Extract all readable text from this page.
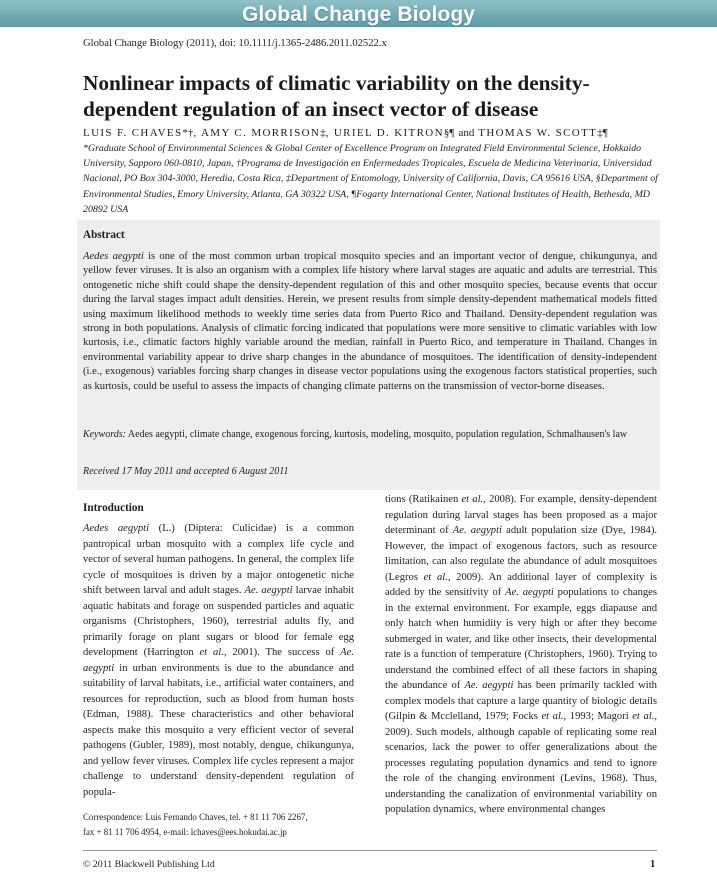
Global Change Biology
Global Change Biology (2011), doi: 10.1111/j.1365-2486.2011.02522.x
Nonlinear impacts of climatic variability on the density-dependent regulation of an insect vector of disease
LUIS F. CHAVES*†, AMY C. MORRISON‡, URIEL D. KITRON§¶ and THOMAS W. SCOTT‡¶

*Graduate School of Environmental Sciences & Global Center of Excellence Program on Integrated Field Environmental Science, Hokkaido University, Sapporo 060-0810, Japan, †Programa de Investigación en Enfermedades Tropicales, Escuela de Medicina Veterinaria, Universidad Nacional, PO Box 304-3000, Heredia, Costa Rica, ‡Department of Entomology, University of California, Davis, CA 95616 USA, §Department of Environmental Studies, Emory University, Atlanta, GA 30322 USA, ¶Fogarty International Center, National Institutes of Health, Bethesda, MD 20892 USA

Abstract

Aedes aegypti is one of the most common urban tropical mosquito species and an important vector of dengue, chikungunya, and yellow fever viruses. It is also an organism with a complex life history where larval stages are aquatic and adults are terrestrial. This ontogenetic niche shift could shape the density-dependent regulation of this and other mosquito species, because events that occur during the larval stages impact adult densities. Herein, we present results from simple density-dependent mathematical models fitted using maximum likelihood methods to weekly time series data from Puerto Rico and Thailand. Density-dependent regulation was strong in both populations. Analysis of climatic forcing indicated that populations were more sensitive to climatic variables with low kurtosis, i.e., climatic factors highly variable around the median, rainfall in Puerto Rico, and temperature in Thailand. Changes in environmental variability appear to drive sharp changes in the abundance of mosquitoes. The identification of density-independent (i.e., exogenous) variables forcing sharp changes in disease vector populations using the exogenous factors statistical properties, such as kurtosis, could be useful to assess the impacts of changing climate patterns on the transmission of vector-borne diseases.

Keywords: Aedes aegypti, climate change, exogenous forcing, kurtosis, modeling, mosquito, population regulation, Schmalhausen's law

Received 17 May 2011 and accepted 6 August 2011
Introduction

Aedes aegypti (L.) (Diptera: Culicidae) is a common pantropical urban mosquito with a complex life cycle and vector of several human pathogens. In general, the complex life cycle of mosquitoes is driven by a major ontogenetic niche shift between larval and adult stages. Ae. aegypti larvae inhabit aquatic habitats and forage on suspended particles and aquatic organisms (Christophers, 1960), terrestrial adults fly, and primarily forage on plant sugars or blood for female egg development (Harrington et al., 2001). The success of Ae. aegypti in urban environments is due to the abundance and suitability of larval habitats, i.e., artificial water containers, and resources for reproduction, such as blood from human hosts (Edman, 1988). These characteristics and other behavioral aspects make this mosquito a very efficient vector of several pathogens (Gubler, 1989), most notably, dengue, chikungunya, and yellow fever viruses. Complex life cycles represent a major challenge to understand density-dependent regulation of popula-

tions (Ratikainen et al., 2008). For example, density-dependent regulation during larval stages has been proposed as a major determinant of Ae. aegypti adult population size (Dye, 1984). However, the impact of exogenous factors, such as resource limitation, can also regulate the abundance of adult mosquitoes (Legros et al., 2009). An additional layer of complexity is added by the sensitivity of Ae. aegypti populations to changes in the external environment. For example, eggs diapause and only hatch when humidity is very high or after they become submerged in water, and like other insects, their developmental rate is a function of temperature (Christophers, 1960). Trying to understand the combined effect of all these factors in shaping the abundance of Ae. aegypti has been primarily tackled with complex models that capture a large quantity of biologic details (Gilpin & Mcclelland, 1979; Focks et al., 1993; Magori et al., 2009). Such models, although capable of replicating some real scenarios, lack the power to offer generalizations about the processes regulating population dynamics and tend to ignore the role of the changing environment (Levins, 1968). Thus, understanding the canalization of environmental variability on population dynamics, where environmental changes

Correspondence: Luis Fernando Chaves, tel. + 81 11 706 2267,
fax + 81 11 706 4954, e-mail: lchaves@ees.hokudai.ac.jp

© 2011 Blackwell Publishing Ltd	1
